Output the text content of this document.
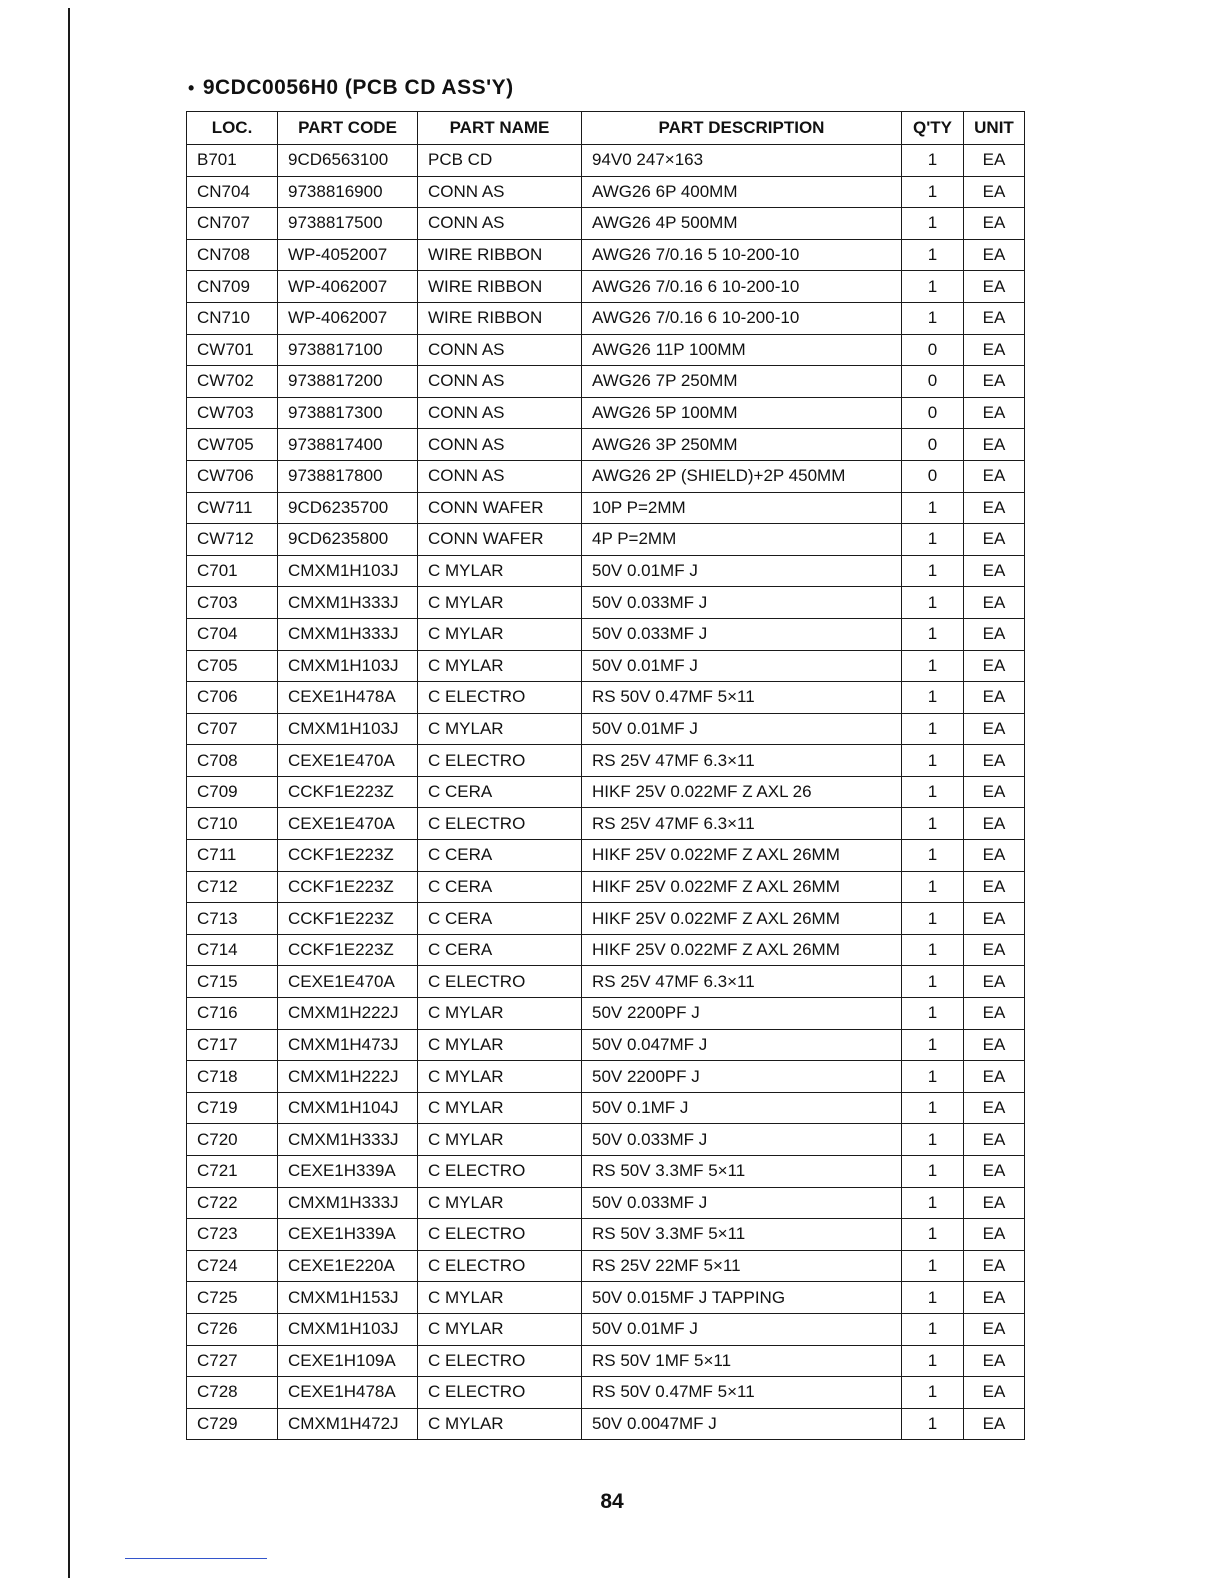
• 9CDC0056H0 (PCB CD ASS'Y)
LOC.	PART CODE	PART NAME	PART DESCRIPTION	Q'TY	UNIT
B701	9CD6563100	PCB CD	94V0 247×163	1	EA
CN704	9738816900	CONN AS	AWG26 6P 400MM	1	EA
CN707	9738817500	CONN AS	AWG26 4P 500MM	1	EA
CN708	WP-4052007	WIRE RIBBON	AWG26 7/0.16 5 10-200-10	1	EA
CN709	WP-4062007	WIRE RIBBON	AWG26 7/0.16 6 10-200-10	1	EA
CN710	WP-4062007	WIRE RIBBON	AWG26 7/0.16 6 10-200-10	1	EA
CW701	9738817100	CONN AS	AWG26 11P 100MM	0	EA
CW702	9738817200	CONN AS	AWG26 7P 250MM	0	EA
CW703	9738817300	CONN AS	AWG26 5P 100MM	0	EA
CW705	9738817400	CONN AS	AWG26 3P 250MM	0	EA
CW706	9738817800	CONN AS	AWG26 2P (SHIELD)+2P 450MM	0	EA
CW711	9CD6235700	CONN WAFER	10P P=2MM	1	EA
CW712	9CD6235800	CONN WAFER	4P P=2MM	1	EA
C701	CMXM1H103J	C MYLAR	50V 0.01MF J	1	EA
C703	CMXM1H333J	C MYLAR	50V 0.033MF J	1	EA
C704	CMXM1H333J	C MYLAR	50V 0.033MF J	1	EA
C705	CMXM1H103J	C MYLAR	50V 0.01MF J	1	EA
C706	CEXE1H478A	C ELECTRO	RS 50V 0.47MF 5×11	1	EA
C707	CMXM1H103J	C MYLAR	50V 0.01MF J	1	EA
C708	CEXE1E470A	C ELECTRO	RS 25V 47MF 6.3×11	1	EA
C709	CCKF1E223Z	C CERA	HIKF 25V 0.022MF Z AXL 26	1	EA
C710	CEXE1E470A	C ELECTRO	RS 25V 47MF 6.3×11	1	EA
C711	CCKF1E223Z	C CERA	HIKF 25V 0.022MF Z AXL 26MM	1	EA
C712	CCKF1E223Z	C CERA	HIKF 25V 0.022MF Z AXL 26MM	1	EA
C713	CCKF1E223Z	C CERA	HIKF 25V 0.022MF Z AXL 26MM	1	EA
C714	CCKF1E223Z	C CERA	HIKF 25V 0.022MF Z AXL 26MM	1	EA
C715	CEXE1E470A	C ELECTRO	RS 25V 47MF 6.3×11	1	EA
C716	CMXM1H222J	C MYLAR	50V 2200PF J	1	EA
C717	CMXM1H473J	C MYLAR	50V 0.047MF J	1	EA
C718	CMXM1H222J	C MYLAR	50V 2200PF J	1	EA
C719	CMXM1H104J	C MYLAR	50V 0.1MF J	1	EA
C720	CMXM1H333J	C MYLAR	50V 0.033MF J	1	EA
C721	CEXE1H339A	C ELECTRO	RS 50V 3.3MF 5×11	1	EA
C722	CMXM1H333J	C MYLAR	50V 0.033MF J	1	EA
C723	CEXE1H339A	C ELECTRO	RS 50V 3.3MF 5×11	1	EA
C724	CEXE1E220A	C ELECTRO	RS 25V 22MF 5×11	1	EA
C725	CMXM1H153J	C MYLAR	50V 0.015MF J TAPPING	1	EA
C726	CMXM1H103J	C MYLAR	50V 0.01MF J	1	EA
C727	CEXE1H109A	C ELECTRO	RS 50V 1MF 5×11	1	EA
C728	CEXE1H478A	C ELECTRO	RS 50V 0.47MF 5×11	1	EA
C729	CMXM1H472J	C MYLAR	50V 0.0047MF J	1	EA
84
